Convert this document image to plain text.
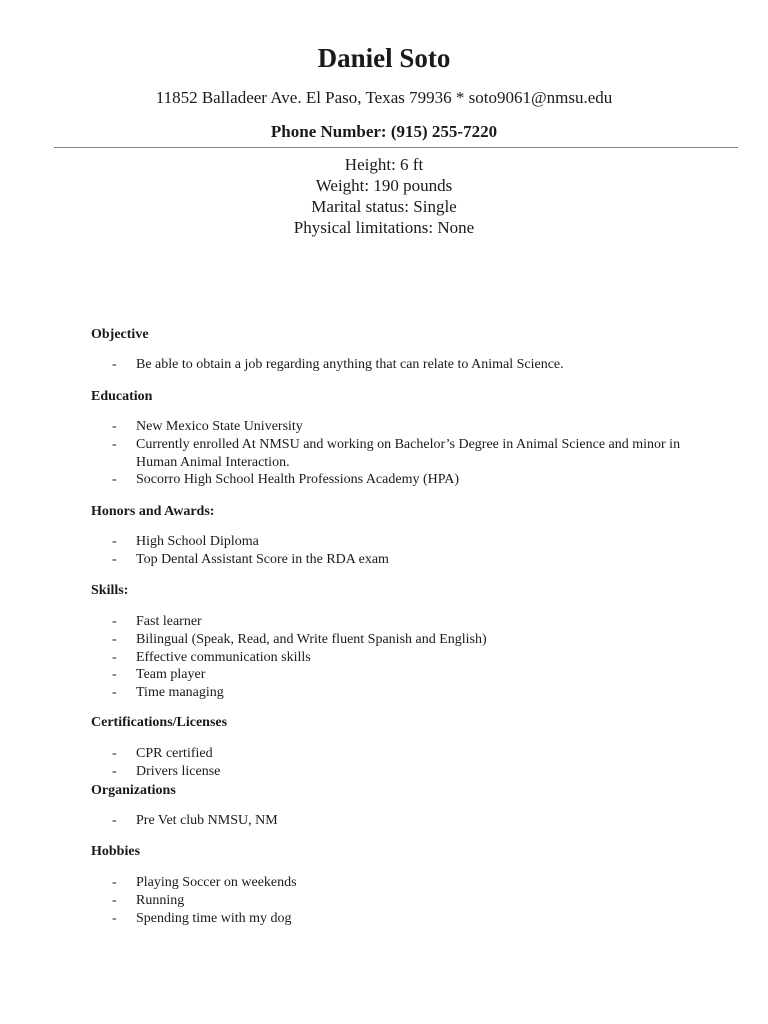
Daniel Soto
11852 Balladeer Ave. El Paso, Texas 79936 * soto9061@nmsu.edu
Phone Number: (915) 255-7220
Height: 6 ft
Weight: 190 pounds
Marital status: Single
Physical limitations: None
Objective
- Be able to obtain a job regarding anything that can relate to Animal Science.
Education
- New Mexico State University
- Currently enrolled At NMSU and working on Bachelor’s Degree in Animal Science and minor in Human Animal Interaction.
- Socorro High School Health Professions Academy (HPA)
Honors and Awards:
- High School Diploma
- Top Dental Assistant Score in the RDA exam
Skills:
- Fast learner
- Bilingual (Speak, Read, and Write fluent Spanish and English)
- Effective communication skills
- Team player
- Time managing
Certifications/Licenses
- CPR certified
- Drivers license
Organizations
- Pre Vet club NMSU, NM
Hobbies
- Playing Soccer on weekends
- Running
- Spending time with my dog
